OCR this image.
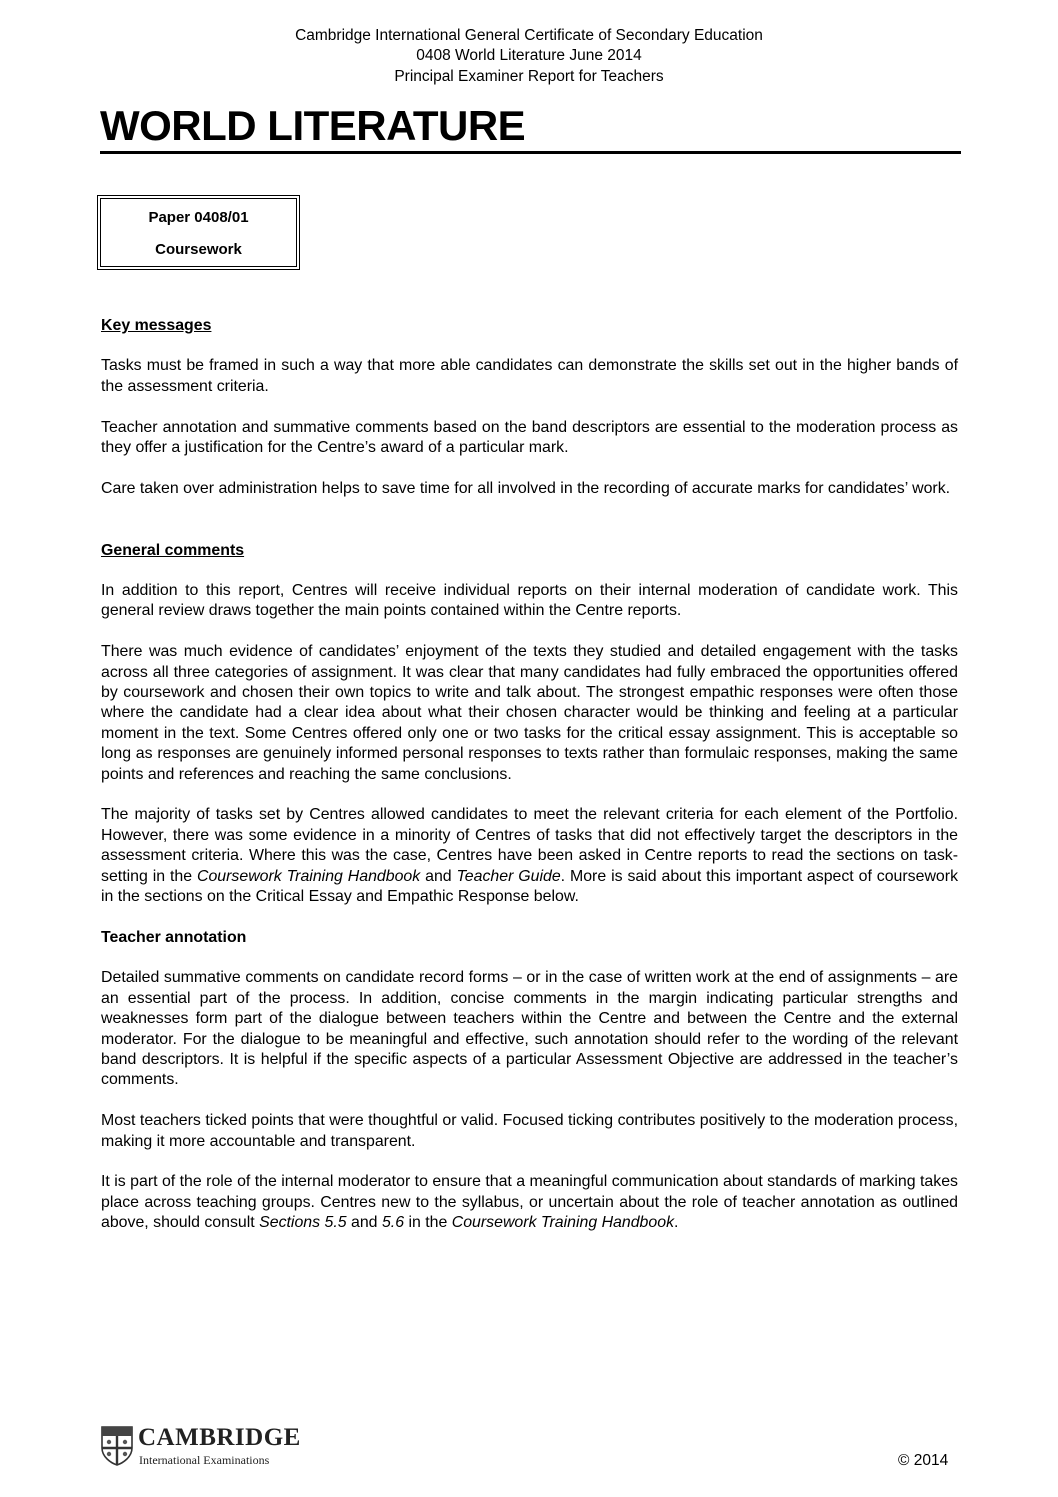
Cambridge International General Certificate of Secondary Education
0408 World Literature June 2014
Principal Examiner Report for Teachers
WORLD LITERATURE
Paper 0408/01
Coursework
Key messages

Tasks must be framed in such a way that more able candidates can demonstrate the skills set out in the higher bands of the assessment criteria.

Teacher annotation and summative comments based on the band descriptors are essential to the moderation process as they offer a justification for the Centre’s award of a particular mark.

Care taken over administration helps to save time for all involved in the recording of accurate marks for candidates’ work.

General comments

In addition to this report, Centres will receive individual reports on their internal moderation of candidate work. This general review draws together the main points contained within the Centre reports.

There was much evidence of candidates’ enjoyment of the texts they studied and detailed engagement with the tasks across all three categories of assignment. It was clear that many candidates had fully embraced the opportunities offered by coursework and chosen their own topics to write and talk about. The strongest empathic responses were often those where the candidate had a clear idea about what their chosen character would be thinking and feeling at a particular moment in the text. Some Centres offered only one or two tasks for the critical essay assignment. This is acceptable so long as responses are genuinely informed personal responses to texts rather than formulaic responses, making the same points and references and reaching the same conclusions.

The majority of tasks set by Centres allowed candidates to meet the relevant criteria for each element of the Portfolio. However, there was some evidence in a minority of Centres of tasks that did not effectively target the descriptors in the assessment criteria. Where this was the case, Centres have been asked in Centre reports to read the sections on task-setting in the Coursework Training Handbook and Teacher Guide. More is said about this important aspect of coursework in the sections on the Critical Essay and Empathic Response below.

Teacher annotation

Detailed summative comments on candidate record forms – or in the case of written work at the end of assignments – are an essential part of the process. In addition, concise comments in the margin indicating particular strengths and weaknesses form part of the dialogue between teachers within the Centre and between the Centre and the external moderator. For the dialogue to be meaningful and effective, such annotation should refer to the wording of the relevant band descriptors. It is helpful if the specific aspects of a particular Assessment Objective are addressed in the teacher’s comments.

Most teachers ticked points that were thoughtful or valid. Focused ticking contributes positively to the moderation process, making it more accountable and transparent.

It is part of the role of the internal moderator to ensure that a meaningful communication about standards of marking takes place across teaching groups. Centres new to the syllabus, or uncertain about the role of teacher annotation as outlined above, should consult Sections 5.5 and 5.6 in the Coursework Training Handbook.

CAMBRIDGE
International Examinations	© 2014
